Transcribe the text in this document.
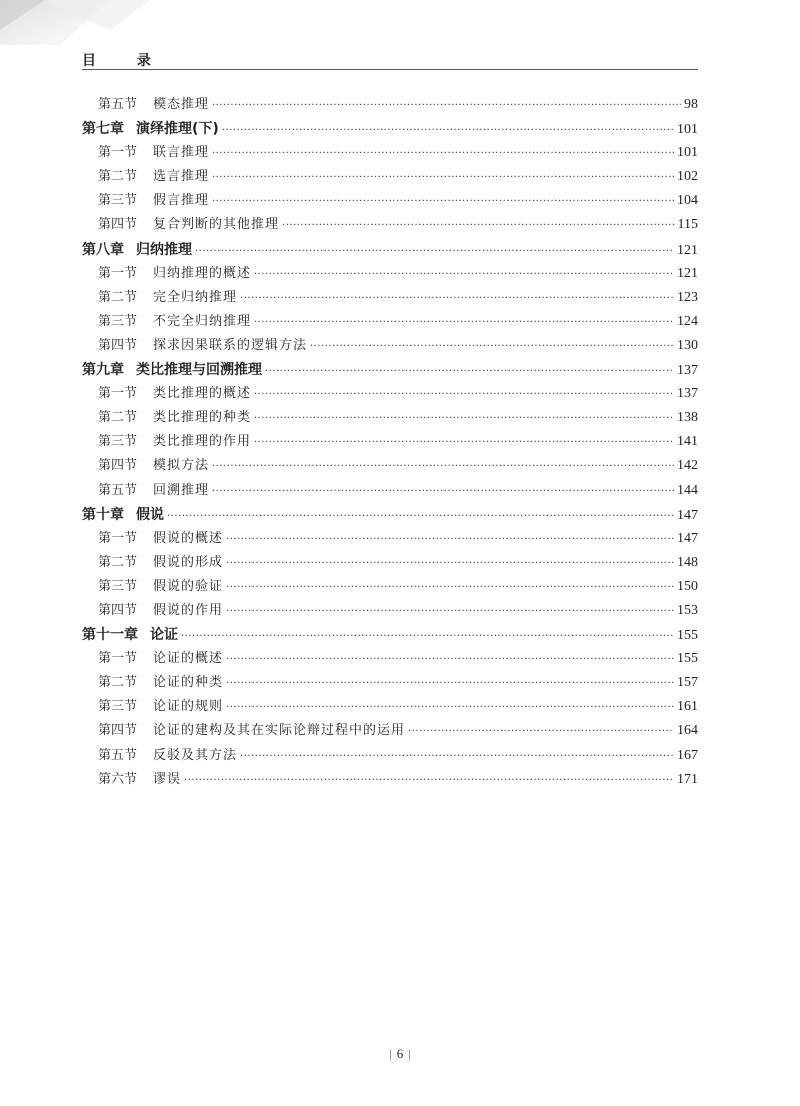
目 录
第五节 模态推理 ·····	98
第七章 演绎推理(下) ·····	101
第一节 联言推理 ·····	101
第二节 选言推理 ·····	102
第三节 假言推理 ·····	104
第四节 复合判断的其他推理 ·····	115
第八章 归纳推理 ·····	121
第一节 归纳推理的概述 ·····	121
第二节 完全归纳推理 ·····	123
第三节 不完全归纳推理 ·····	124
第四节 探求因果联系的逻辑方法 ·····	130
第九章 类比推理与回溯推理 ·····	137
第一节 类比推理的概述 ·····	137
第二节 类比推理的种类 ·····	138
第三节 类比推理的作用 ·····	141
第四节 模拟方法 ·····	142
第五节 回溯推理 ·····	144
第十章 假说 ·····	147
第一节 假说的概述 ·····	147
第二节 假说的形成 ·····	148
第三节 假说的验证 ·····	150
第四节 假说的作用 ·····	153
第十一章 论证 ·····	155
第一节 论证的概述 ·····	155
第二节 论证的种类 ·····	157
第三节 论证的规则 ·····	161
第四节 论证的建构及其在实际论辩过程中的运用 ·····	164
第五节 反驳及其方法 ·····	167
第六节 谬误 ·····	171
| 6 |
